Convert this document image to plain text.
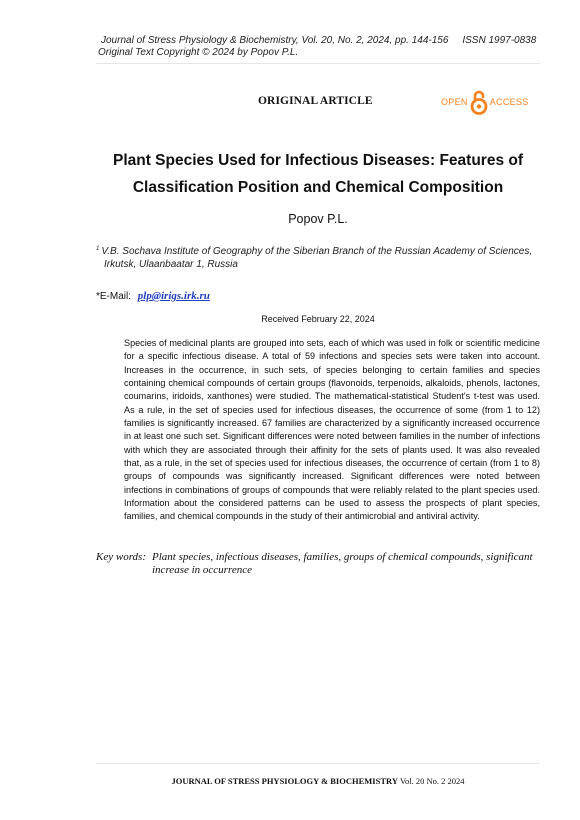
Journal of Stress Physiology & Biochemistry, Vol. 20, No. 2, 2024, pp. 144-156 ISSN 1997-0838
Original Text Copyright © 2024 by Popov P.L.
ORIGINAL ARTICLE	OPEN ACCESS
Plant Species Used for Infectious Diseases: Features of Classification Position and Chemical Composition
Popov P.L.
$^1$ V.B. Sochava Institute of Geography of the Siberian Branch of the Russian Academy of Sciences,
Irkutsk, Ulaanbaatar 1, Russia
*E-Mail: plp@irigs.irk.ru
Received February 22, 2024
Species of medicinal plants are grouped into sets, each of which was used in folk or scientific medicine for a specific infectious disease. A total of 59 infections and species sets were taken into account. Increases in the occurrence, in such sets, of species belonging to certain families and species containing chemical compounds of certain groups (flavonoids, terpenoids, alkaloids, phenols, lactones, coumarins, iridoids, xanthones) were studied. The mathematical-statistical Student's t-test was used. As a rule, in the set of species used for infectious diseases, the occurrence of some (from 1 to 12) families is significantly increased. 67 families are characterized by a significantly increased occurrence in at least one such set. Significant differences were noted between families in the number of infections with which they are associated through their affinity for the sets of plants used. It was also revealed that, as a rule, in the set of species used for infectious diseases, the occurrence of certain (from 1 to 8) groups of compounds was significantly increased. Significant differences were noted between infections in combinations of groups of compounds that were reliably related to the plant species used. Information about the considered patterns can be used to assess the prospects of plant species, families, and chemical compounds in the study of their antimicrobial and antiviral activity.
Key words: Plant species, infectious diseases, families, groups of chemical compounds, significant increase in occurrence
JOURNAL OF STRESS PHYSIOLOGY & BIOCHEMISTRY Vol. 20 No. 2 2024
